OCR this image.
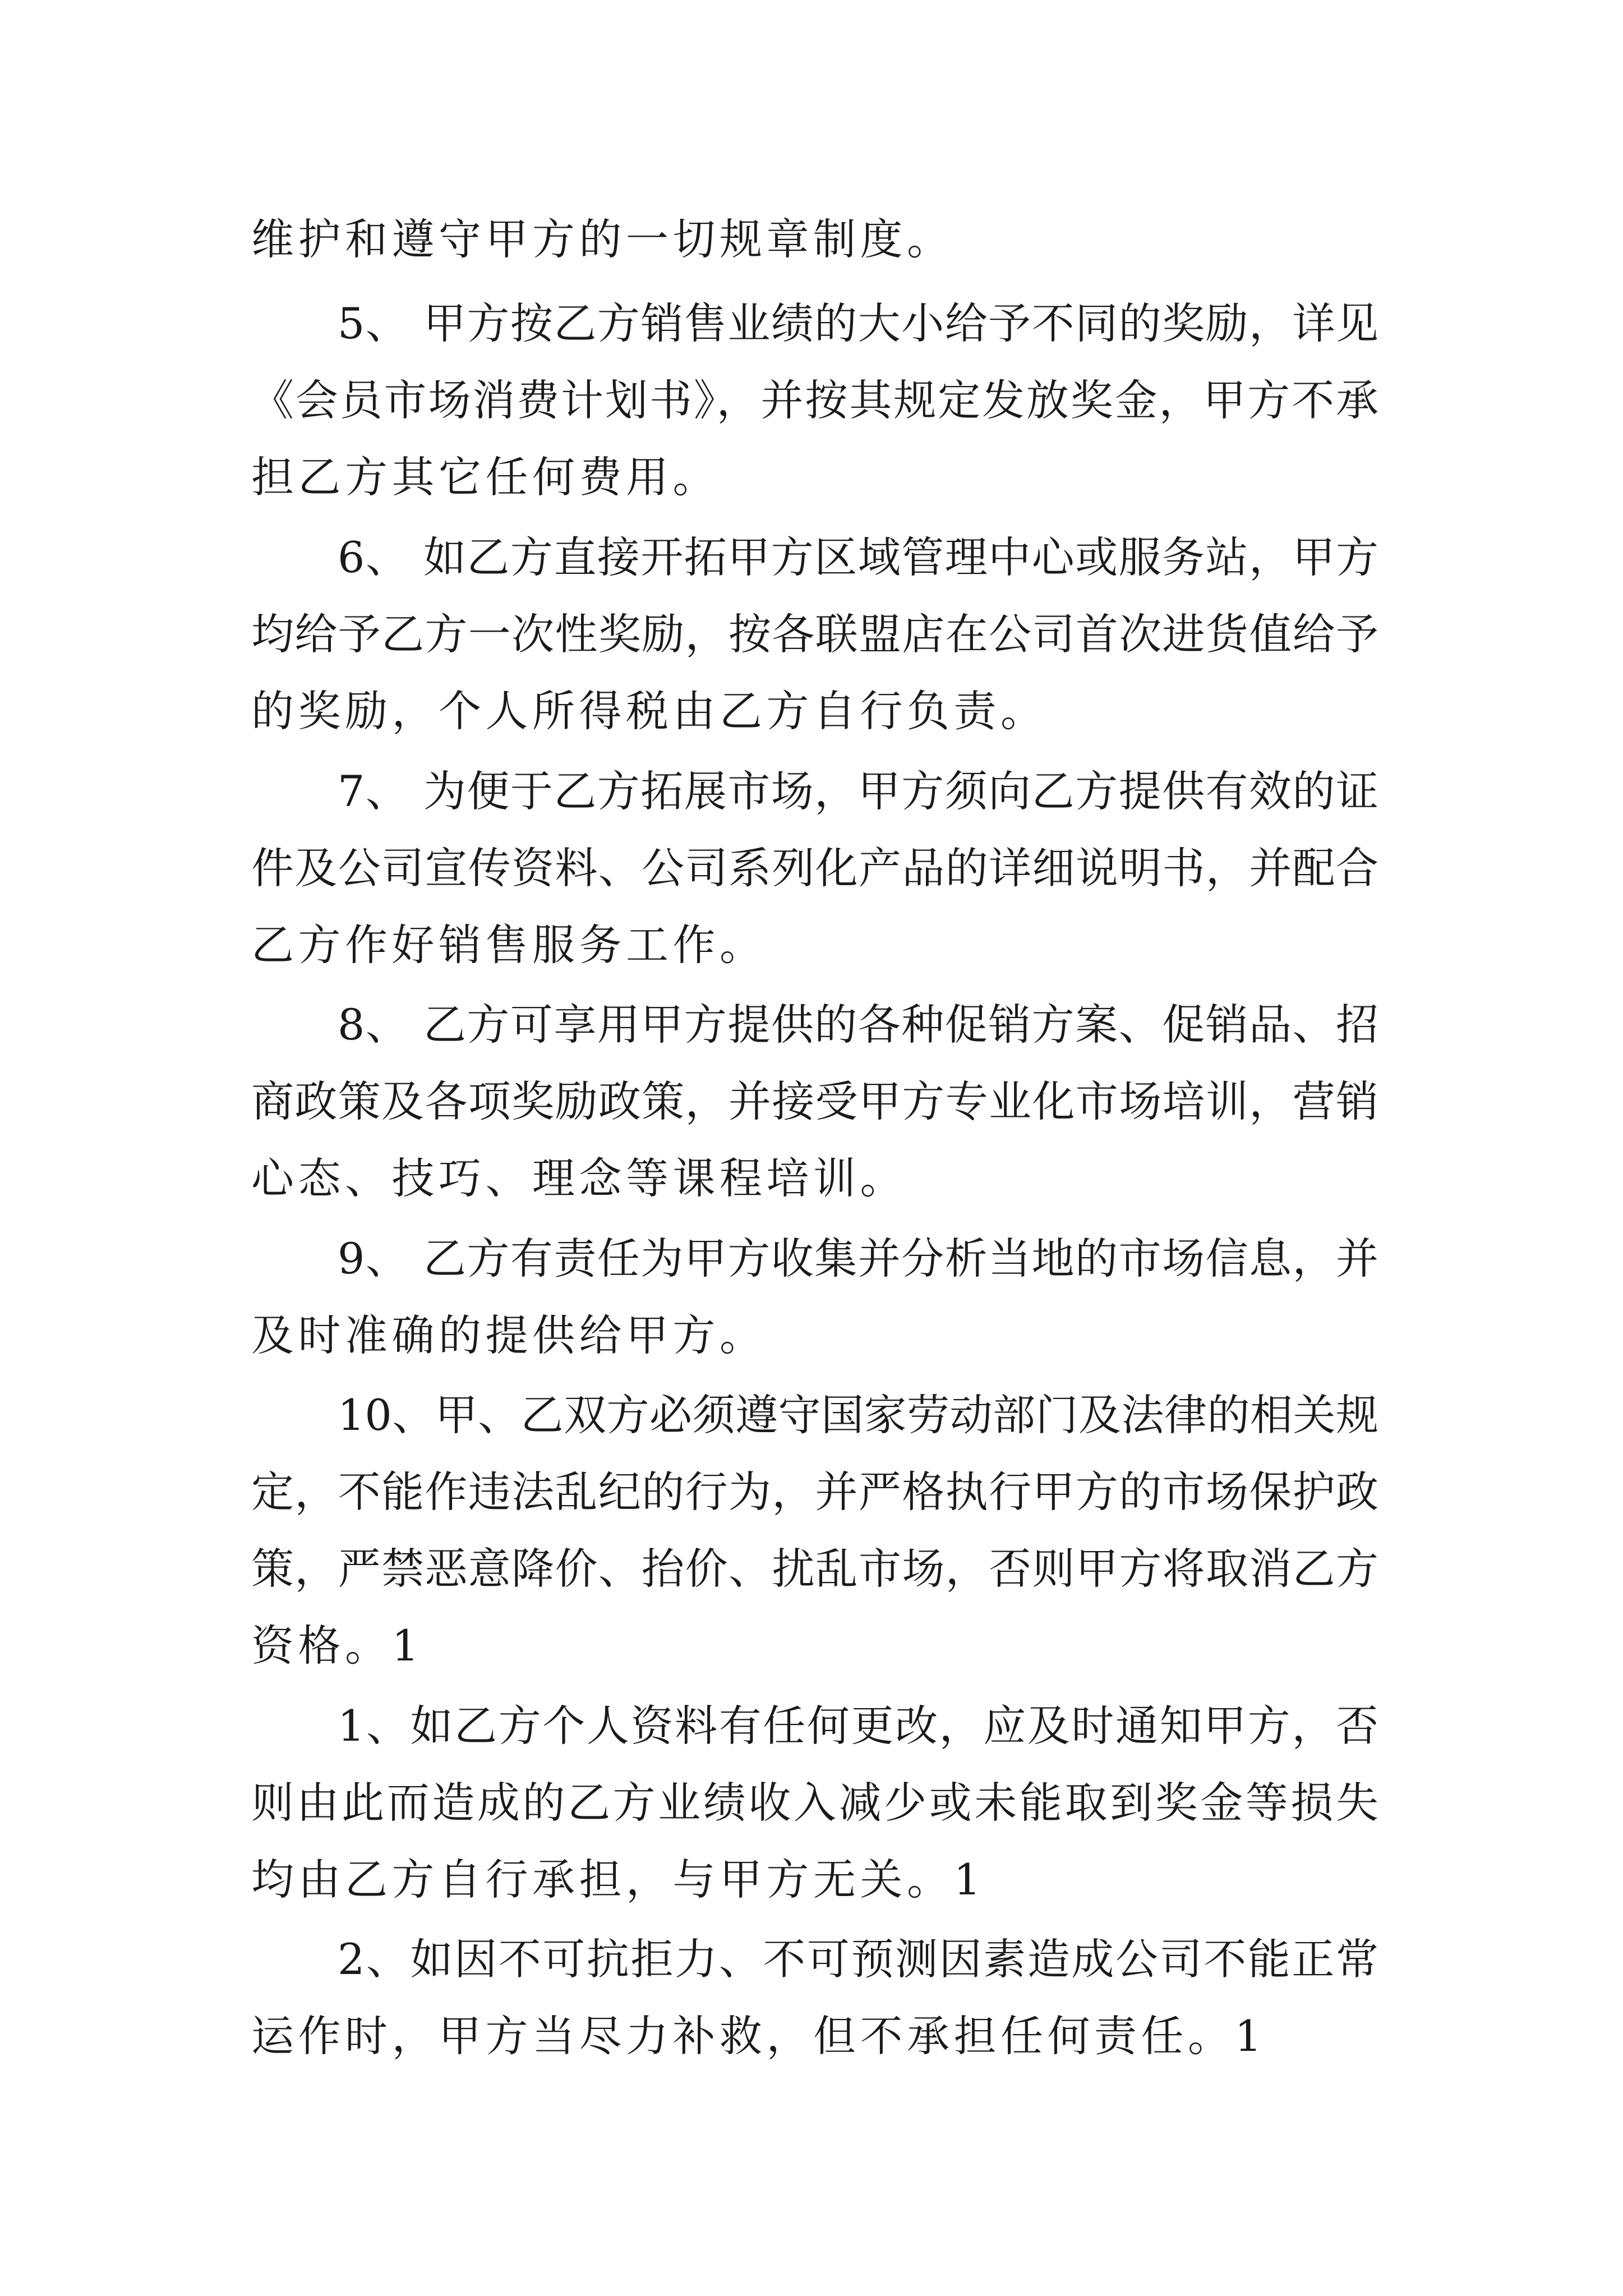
维护和遵守甲方的一切规章制度。
5、 甲方按乙方销售业绩的大小给予不同的奖励，详见
《会员市场消费计划书》，并按其规定发放奖金，甲方不承
担乙方其它任何费用。
6、 如乙方直接开拓甲方区域管理中心或服务站，甲方
均给予乙方一次性奖励，按各联盟店在公司首次进货值给予
的奖励，个人所得税由乙方自行负责。
7、 为便于乙方拓展市场，甲方须向乙方提供有效的证
件及公司宣传资料、公司系列化产品的详细说明书，并配合
乙方作好销售服务工作。
8、 乙方可享用甲方提供的各种促销方案、促销品、招
商政策及各项奖励政策，并接受甲方专业化市场培训，营销
心态、技巧、理念等课程培训。
9、 乙方有责任为甲方收集并分析当地的市场信息，并
及时准确的提供给甲方。
10、甲、乙双方必须遵守国家劳动部门及法律的相关规
定，不能作违法乱纪的行为，并严格执行甲方的市场保护政
策，严禁恶意降价、抬价、扰乱市场，否则甲方将取消乙方
资格。1
1、如乙方个人资料有任何更改，应及时通知甲方，否
则由此而造成的乙方业绩收入减少或未能取到奖金等损失
均由乙方自行承担，与甲方无关。1
2、如因不可抗拒力、不可预测因素造成公司不能正常
运作时，甲方当尽力补救，但不承担任何责任。1
